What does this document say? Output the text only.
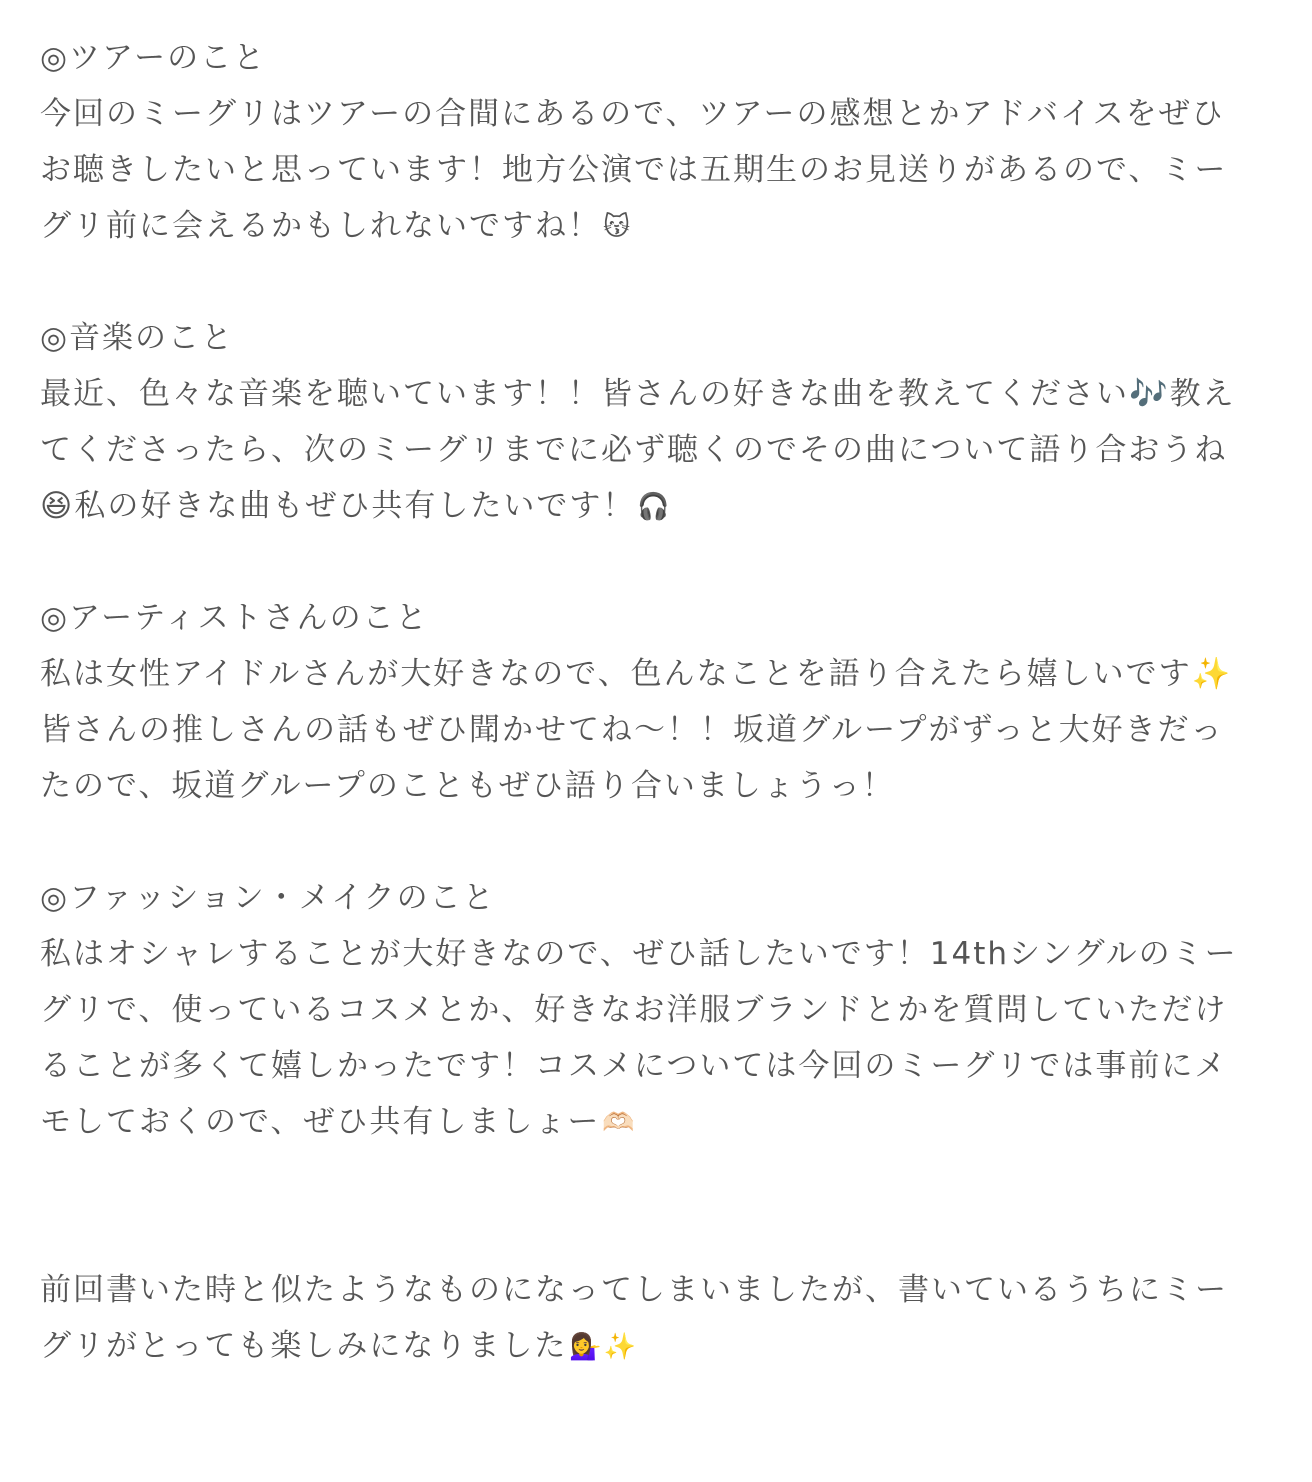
◎ツアーのこと
今回のミーグリはツアーの合間にあるので、ツアーの感想とかアドバイスをぜひ
お聴きしたいと思っています！地方公演では五期生のお見送りがあるので、ミー
グリ前に会えるかもしれないですね！😽
◎音楽のこと
最近、色々な音楽を聴いています！！皆さんの好きな曲を教えてください🎶教え
てくださったら、次のミーグリまでに必ず聴くのでその曲について語り合おうね
😆私の好きな曲もぜひ共有したいです！🎧
◎アーティストさんのこと
私は女性アイドルさんが大好きなので、色んなことを語り合えたら嬉しいです✨
皆さんの推しさんの話もぜひ聞かせてね〜！！坂道グループがずっと大好きだっ
たので、坂道グループのこともぜひ語り合いましょうっ！
◎ファッション・メイクのこと
私はオシャレすることが大好きなので、ぜひ話したいです！14thシングルのミー
グリで、使っているコスメとか、好きなお洋服ブランドとかを質問していただけ
ることが多くて嬉しかったです！コスメについては今回のミーグリでは事前にメ
モしておくので、ぜひ共有しましょー🫶🏻
前回書いた時と似たようなものになってしまいましたが、書いているうちにミー
グリがとっても楽しみになりました💁‍♀️✨
